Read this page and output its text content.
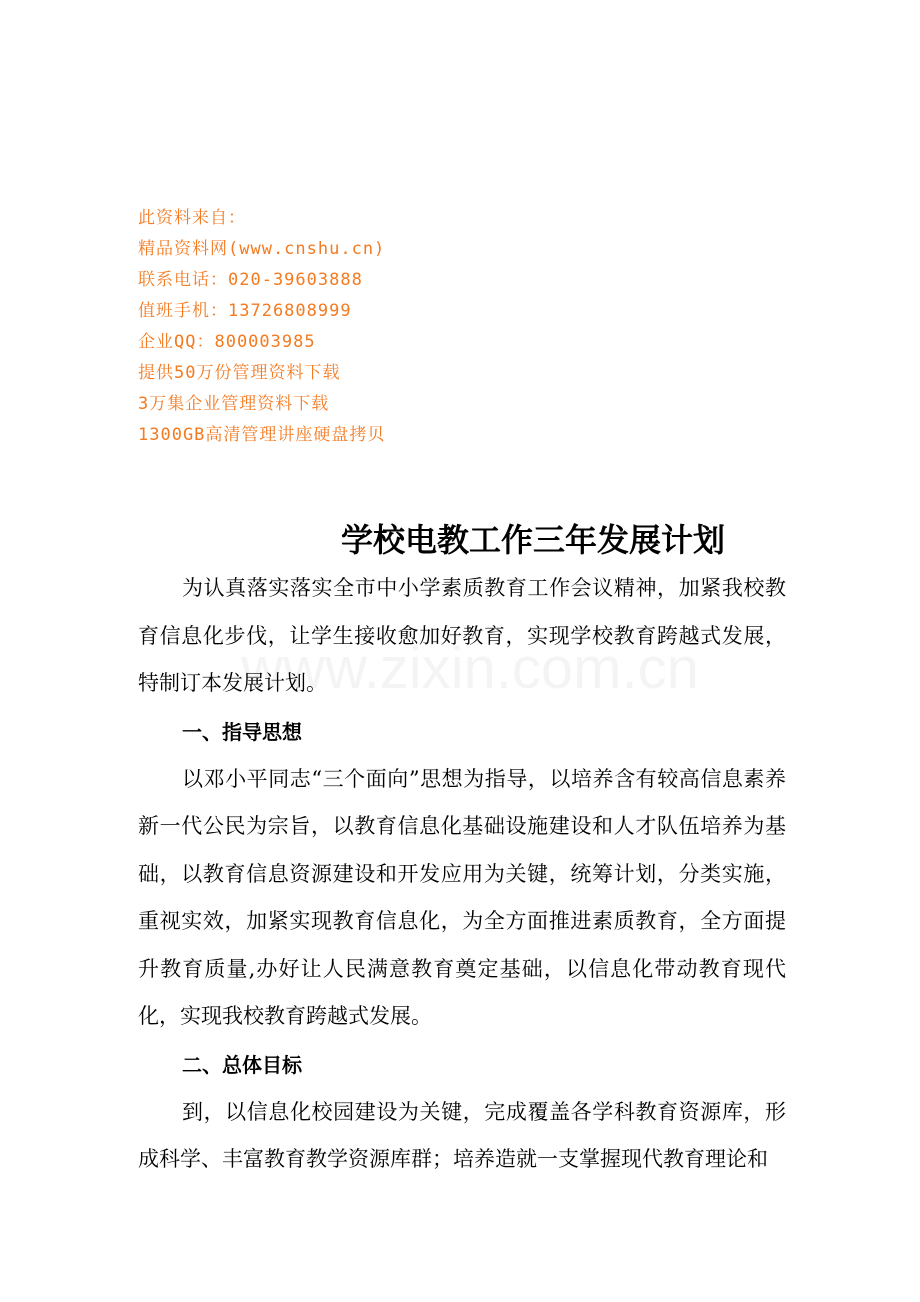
此资料来自：
精品资料网(www.cnshu.cn)
联系电话：020-39603888
值班手机：13726808999
企业QQ：800003985
提供50万份管理资料下载
3万集企业管理资料下载
1300GB高清管理讲座硬盘拷贝
学校电教工作三年发展计划

为认真落实落实全市中小学素质教育工作会议精神，加紧我校教育信息化步伐，让学生接收愈加好教育，实现学校教育跨越式发展，特制订本发展计划。

一、指导思想

以邓小平同志“三个面向”思想为指导，以培养含有较高信息素养新一代公民为宗旨，以教育信息化基础设施建设和人才队伍培养为基础，以教育信息资源建设和开发应用为关键，统筹计划，分类实施，重视实效，加紧实现教育信息化，为全方面推进素质教育，全方面提升教育质量,办好让人民满意教育奠定基础，以信息化带动教育现代化，实现我校教育跨越式发展。

二、总体目标

到，以信息化校园建设为关键，完成覆盖各学科教育资源库，形成科学、丰富教育教学资源库群；培养造就一支掌握现代教育理论和
